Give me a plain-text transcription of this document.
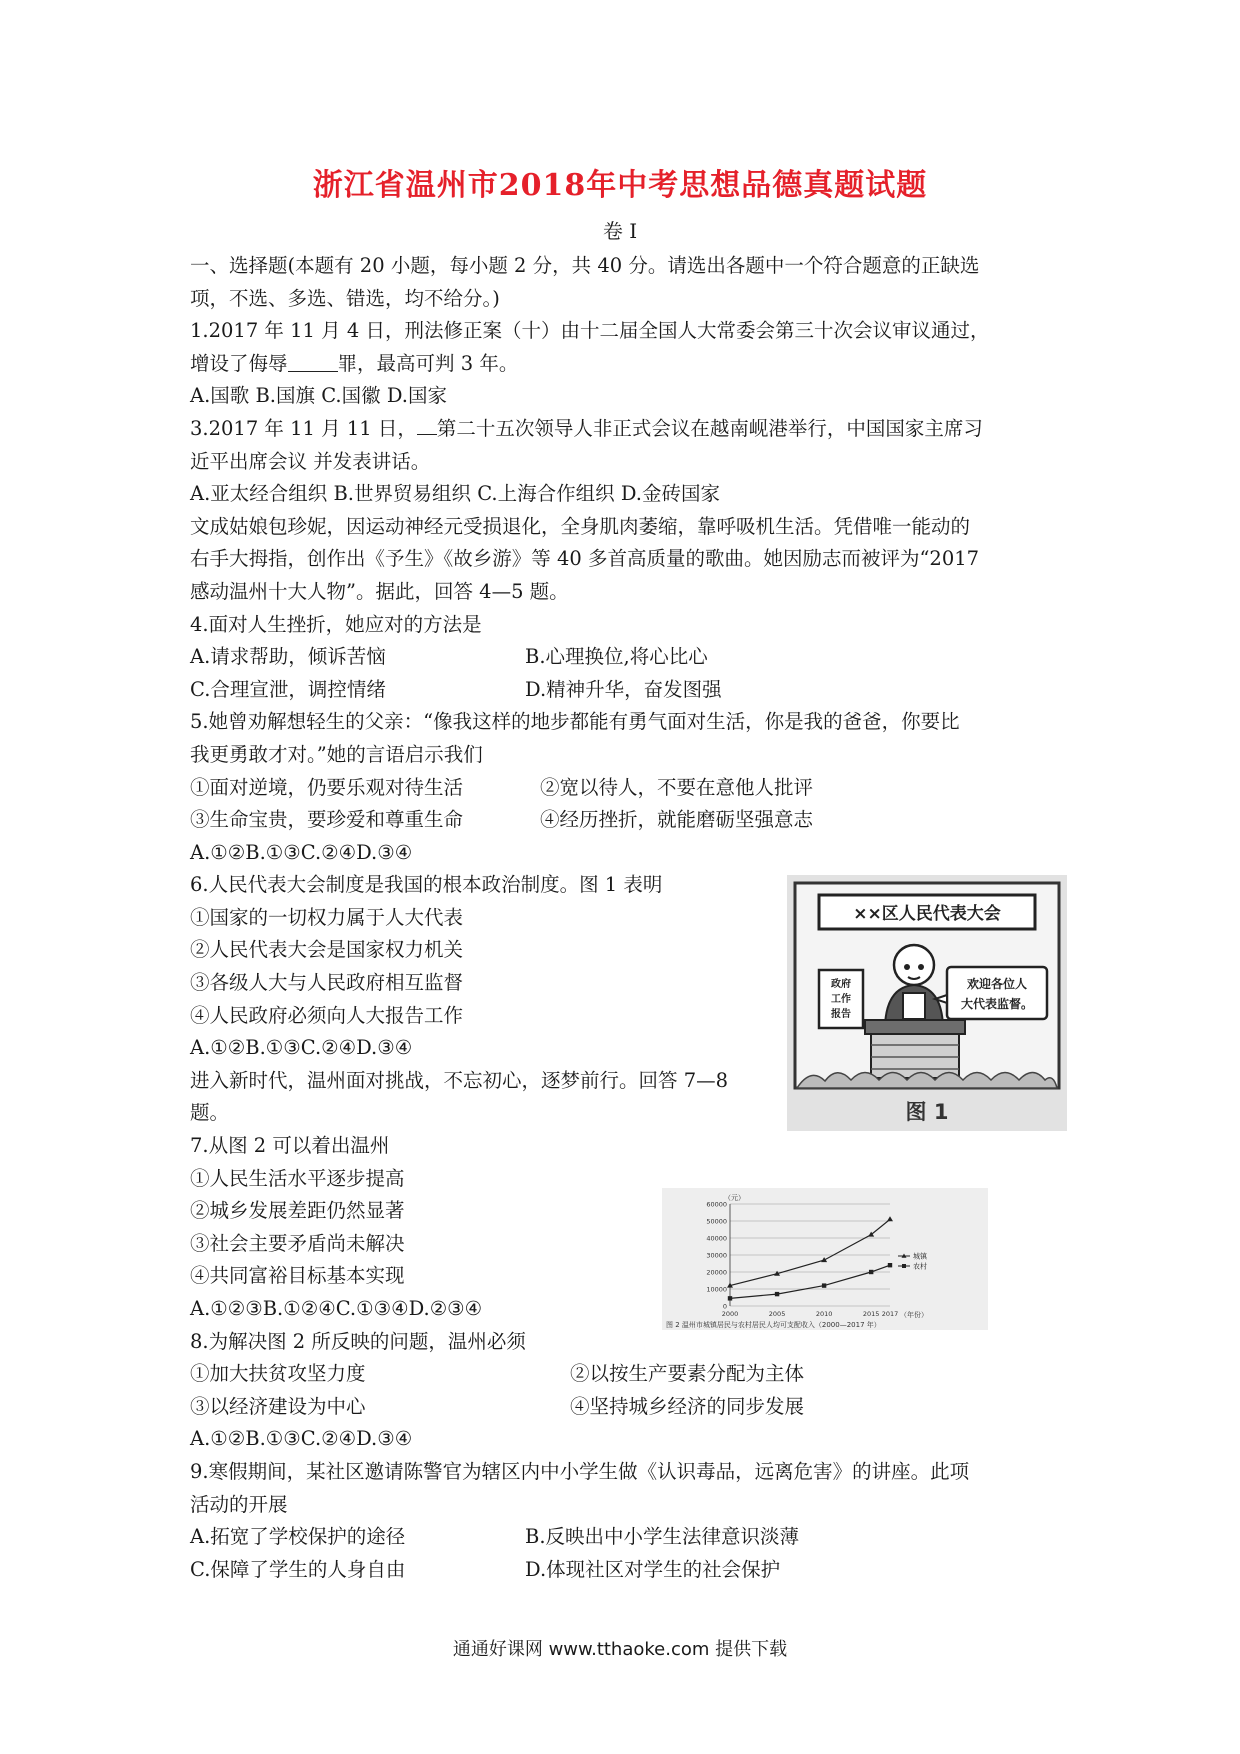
浙江省温州市2018年中考思想品德真题试题
卷 I

一、选择题(本题有 20 小题，每小题 2 分，共 40 分。请选出各题中一个符合题意的正缺选

项，不选、多选、错选，均不给分。)

1.2017 年 11 月 4 日，刑法修正案（十）由十二届全国人大常委会第三十次会议审议通过，

增设了侮辱	罪，最高可判 3 年。

A.国歌 B.国旗 C.国徽 D.国家

3.2017 年 11 月 11 日， 第二十五次领导人非正式会议在越南岘港举行，中国国家主席习

近平出席会议 并发表讲话。

A.亚太经合组织 B.世界贸易组织 C.上海合作组织 D.金砖国家

文成姑娘包珍妮，因运动神经元受损退化，全身肌肉萎缩，靠呼吸机生活。凭借唯一能动的

右手大拇指，创作出《予生》《故乡游》等 40 多首高质量的歌曲。她因励志而被评为“2017

感动温州十大人物”。据此，回答 4—5 题。

4.面对人生挫折，她应对的方法是

A.请求帮助，倾诉苦恼	B.心理换位,将心比心
C.合理宣泄，调控情绪	D.精神升华，奋发图强

5.她曾劝解想轻生的父亲：“像我这样的地步都能有勇气面对生活，你是我的爸爸，你要比

我更勇敢才对。”她的言语启示我们

①面对逆境，仍要乐观对待生活	②宽以待人，不要在意他人批评
③生命宝贵，要珍爱和尊重生命	④经历挫折，就能磨砺坚强意志

A.①②B.①③C.②④D.③④

6.人民代表大会制度是我国的根本政治制度。图 1 表明

①国家的一切权力属于人大代表

②人民代表大会是国家权力机关

③各级人大与人民政府相互监督

④人民政府必须向人大报告工作

A.①②B.①③C.②④D.③④

进入新时代，温州面对挑战，不忘初心，逐梦前行。回答 7—8

题。

7.从图 2 可以着出温州

①人民生活水平逐步提高

②城乡发展差距仍然显著

③社会主要矛盾尚未解决

④共同富裕目标基本实现

A.①②③B.①②④C.①③④D.②③④

8.为解决图 2 所反映的问题，温州必须

①加大扶贫攻坚力度	②以按生产要素分配为主体
③以经济建设为中心	④坚持城乡经济的同步发展

A.①②B.①③C.②④D.③④

9.寒假期间，某社区邀请陈警官为辖区内中小学生做《认识毒品，远离危害》的讲座。此项

活动的开展

A.拓宽了学校保护的途径	B.反映出中小学生法律意识淡薄
C.保障了学生的人身自由	D.体现社区对学生的社会保护
××区人民代表大会
政府
工作
报告
欢迎各位人
大代表监督。
图 1
（元）
0
10000
20000
30000
40000
50000
60000
2000	2005	2010	2015 2017
城镇
农村
（年份）
图 2 温州市城镇居民与农村居民人均可支配收入（2000—2017 年）
通通好课网 www.tthaoke.com 提供下载
